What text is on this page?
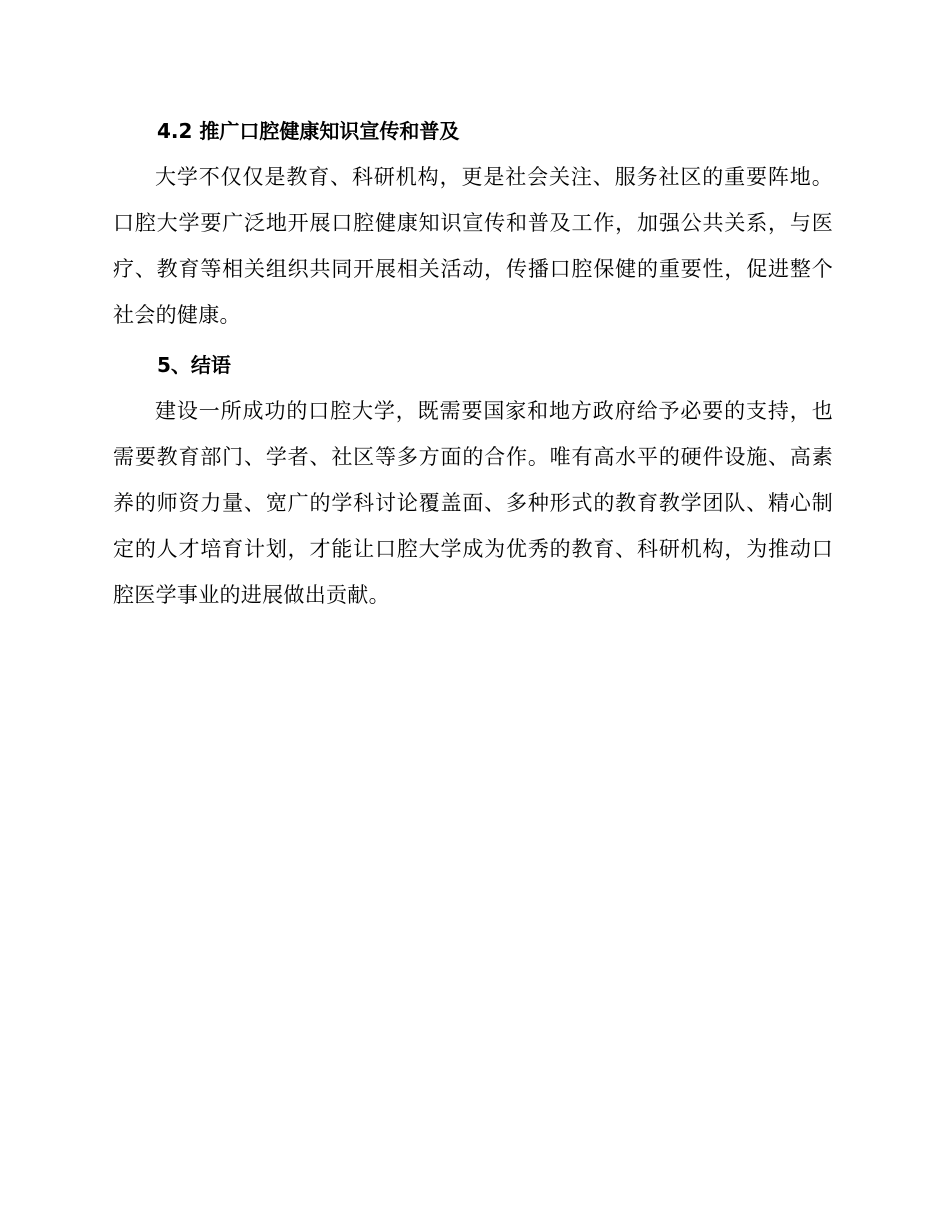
4.2 推广口腔健康知识宣传和普及

大学不仅仅是教育、科研机构，更是社会关注、服务社区的重要阵地。口腔大学要广泛地开展口腔健康知识宣传和普及工作，加强公共关系，与医疗、教育等相关组织共同开展相关活动，传播口腔保健的重要性，促进整个社会的健康。

5、结语

建设一所成功的口腔大学，既需要国家和地方政府给予必要的支持，也需要教育部门、学者、社区等多方面的合作。唯有高水平的硬件设施、高素养的师资力量、宽广的学科讨论覆盖面、多种形式的教育教学团队、精心制定的人才培育计划，才能让口腔大学成为优秀的教育、科研机构，为推动口腔医学事业的进展做出贡献。
